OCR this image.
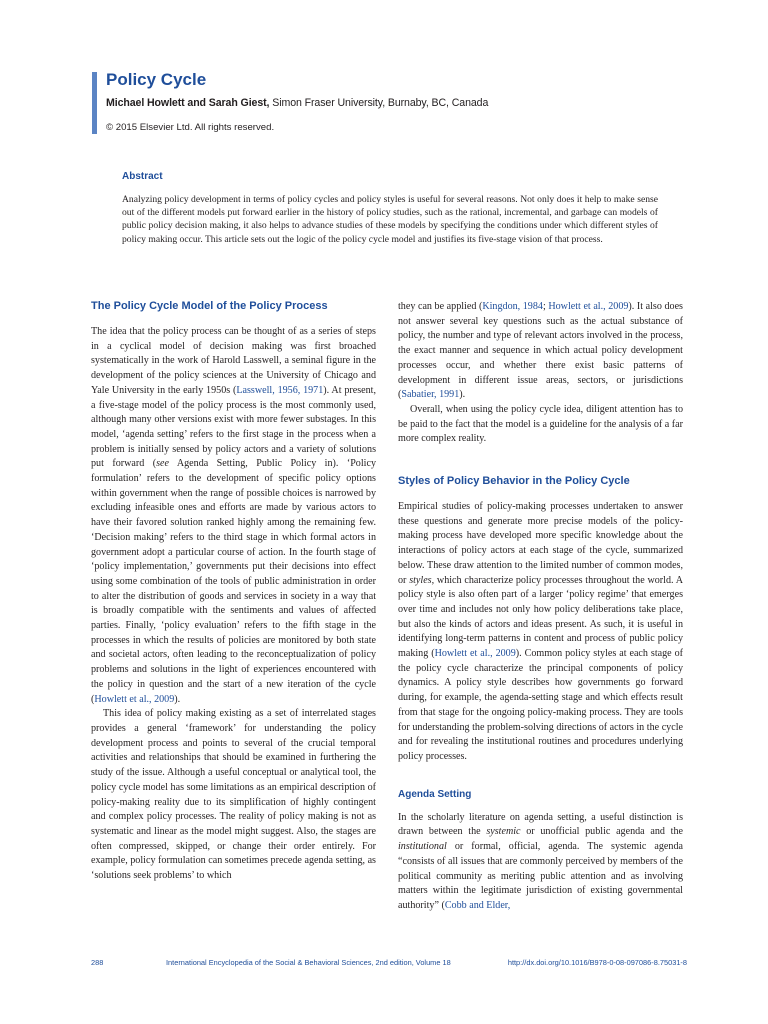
Policy Cycle
Michael Howlett and Sarah Giest, Simon Fraser University, Burnaby, BC, Canada
© 2015 Elsevier Ltd. All rights reserved.
Abstract
Analyzing policy development in terms of policy cycles and policy styles is useful for several reasons. Not only does it help to make sense out of the different models put forward earlier in the history of policy studies, such as the rational, incremental, and garbage can models of public policy decision making, it also helps to advance studies of these models by specifying the conditions under which different styles of policy making occur. This article sets out the logic of the policy cycle model and justifies its five-stage vision of that process.

The Policy Cycle Model of the Policy Process

The idea that the policy process can be thought of as a series of steps in a cyclical model of decision making was first broached systematically in the work of Harold Lasswell, a seminal figure in the development of the policy sciences at the University of Chicago and Yale University in the early 1950s (Lasswell, 1956, 1971). At present, a five-stage model of the policy process is the most commonly used, although many other versions exist with more fewer substages. In this model, ‘agenda setting’ refers to the first stage in the process when a problem is initially sensed by policy actors and a variety of solutions put forward (see Agenda Setting, Public Policy in). ‘Policy formulation’ refers to the development of specific policy options within government when the range of possible choices is narrowed by excluding infeasible ones and efforts are made by various actors to have their favored solution ranked highly among the remaining few. ‘Decision making’ refers to the third stage in which formal actors in government adopt a particular course of action. In the fourth stage of ‘policy implementation,’ governments put their decisions into effect using some combination of the tools of public administration in order to alter the distribution of goods and services in society in a way that is broadly compatible with the sentiments and values of affected parties. Finally, ‘policy evaluation’ refers to the fifth stage in the processes in which the results of policies are monitored by both state and societal actors, often leading to the reconceptualization of policy problems and solutions in the light of experiences encountered with the policy in question and the start of a new iteration of the cycle (Howlett et al., 2009).

This idea of policy making existing as a set of interrelated stages provides a general ‘framework’ for understanding the policy development process and points to several of the crucial temporal activities and relationships that should be examined in furthering the study of the issue. Although a useful conceptual or analytical tool, the policy cycle model has some limitations as an empirical description of policy-making reality due to its simplification of highly contingent and complex policy processes. The reality of policy making is not as systematic and linear as the model might suggest. Also, the stages are often compressed, skipped, or change their order entirely. For example, policy formulation can sometimes precede agenda setting, as ‘solutions seek problems’ to which

they can be applied (Kingdon, 1984; Howlett et al., 2009). It also does not answer several key questions such as the actual substance of policy, the number and type of relevant actors involved in the process, the exact manner and sequence in which actual policy development processes occur, and whether there exist basic patterns of development in different issue areas, sectors, or jurisdictions (Sabatier, 1991).

Overall, when using the policy cycle idea, diligent attention has to be paid to the fact that the model is a guideline for the analysis of a far more complex reality.

Styles of Policy Behavior in the Policy Cycle

Empirical studies of policy-making processes undertaken to answer these questions and generate more precise models of the policy-making process have developed more specific knowledge about the interactions of policy actors at each stage of the cycle, summarized below. These draw attention to the limited number of common modes, or styles, which characterize policy processes throughout the world. A policy style is also often part of a larger ‘policy regime’ that emerges over time and includes not only how policy deliberations take place, but also the kinds of actors and ideas present. As such, it is useful in identifying long-term patterns in content and process of public policy making (Howlett et al., 2009). Common policy styles at each stage of the policy cycle characterize the principal components of policy dynamics. A policy style describes how governments go forward during, for example, the agenda-setting stage and which effects result from that stage for the ongoing policy-making process. They are tools for understanding the problem-solving directions of actors in the cycle and for revealing the institutional routines and procedures underlying policy processes.

Agenda Setting

In the scholarly literature on agenda setting, a useful distinction is drawn between the systemic or unofficial public agenda and the institutional or formal, official, agenda. The systemic agenda “consists of all issues that are commonly perceived by members of the political community as meriting public attention and as involving matters within the legitimate jurisdiction of existing governmental authority” (Cobb and Elder,

288	International Encyclopedia of the Social & Behavioral Sciences, 2nd edition, Volume 18	http://dx.doi.org/10.1016/B978-0-08-097086-8.75031-8
